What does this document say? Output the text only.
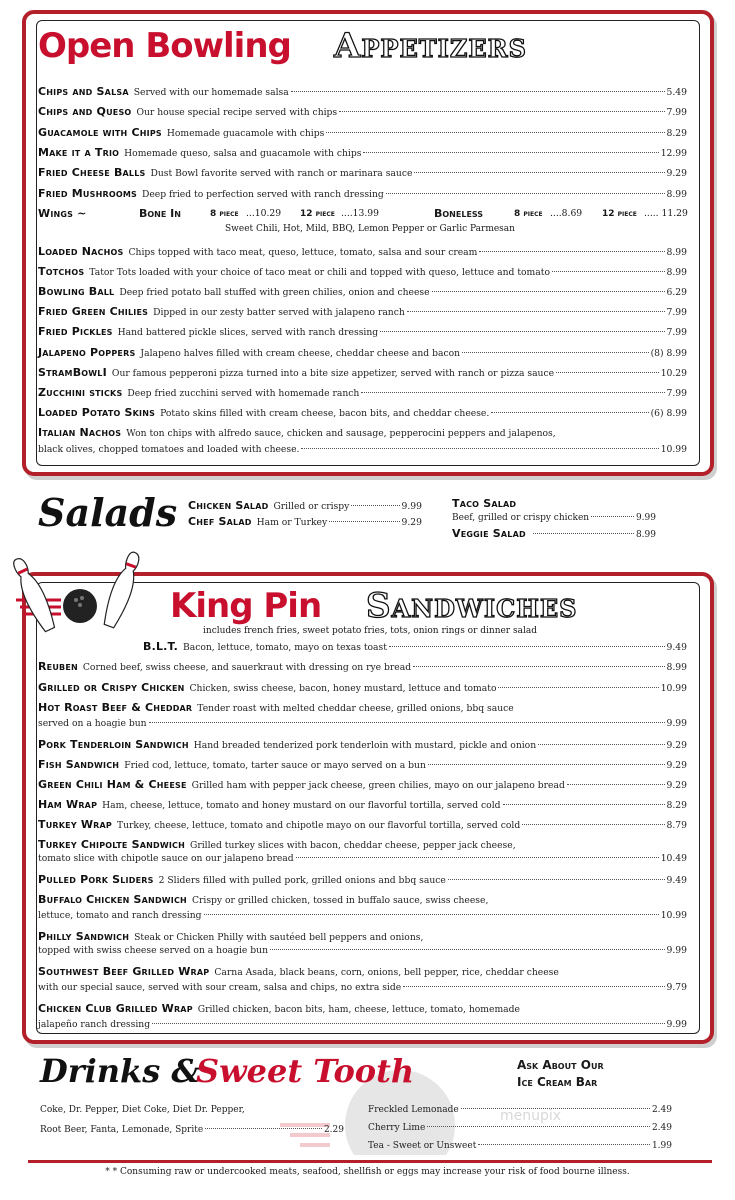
Open Bowling Appetizers
Chips and Salsa Served with our homemade salsa	5.49
Chips and Queso Our house special recipe served with chips	7.99
Guacamole with Chips Homemade guacamole with chips	8.29
Make it a Trio Homemade queso, salsa and guacamole with chips	12.99
Fried Cheese Balls Dust Bowl favorite served with ranch or marinara sauce	9.29
Fried Mushrooms Deep fried to perfection served with ranch dressing	8.99
Wings ~	Bone In	8 piece ...10.29 12 piece ....13.99	Boneless	8 piece ....8.69 12 piece ..... 11.29
Sweet Chili, Hot, Mild, BBQ, Lemon Pepper or Garlic Parmesan
Loaded Nachos Chips topped with taco meat, queso, lettuce, tomato, salsa and sour cream	8.99
Totchos Tator Tots loaded with your choice of taco meat or chili and topped with queso, lettuce and tomato	8.99
Bowling Ball Deep fried potato ball stuffed with green chilies, onion and cheese	6.29
Fried Green Chilies Dipped in our zesty batter served with jalapeno ranch	7.99
Fried Pickles Hand battered pickle slices, served with ranch dressing	7.99
Jalapeno Poppers Jalapeno halves filled with cream cheese, cheddar cheese and bacon	(8) 8.99
StramBowlI Our famous pepperoni pizza turned into a bite size appetizer, served with ranch or pizza sauce	10.29
Zucchini sticks Deep fried zucchini served with homemade ranch	7.99
Loaded Potato Skins Potato skins filled with cream cheese, bacon bits, and cheddar cheese.	(6) 8.99
Italian Nachos Won ton chips with alfredo sauce, chicken and sausage, pepperocini peppers and jalapenos,
black olives, chopped tomatoes and loaded with cheese.	10.99
Salads Chicken Salad Grilled or crispy	9.99
Chef Salad Ham or Turkey	9.29
Taco Salad
Beef, grilled or crispy chicken	9.99
Veggie Salad	8.99
King Pin Sandwiches
includes french fries, sweet potato fries, tots, onion rings or dinner salad
B.L.T. Bacon, lettuce, tomato, mayo on texas toast	9.49
Reuben Corned beef, swiss cheese, and sauerkraut with dressing on rye bread	8.99
Grilled or Crispy Chicken Chicken, swiss cheese, bacon, honey mustard, lettuce and tomato	10.99
Hot Roast Beef & Cheddar Tender roast with melted cheddar cheese, grilled onions, bbq sauce
served on a hoagie bun	9.99
Pork Tenderloin Sandwich Hand breaded tenderized pork tenderloin with mustard, pickle and onion	9.29
Fish Sandwich Fried cod, lettuce, tomato, tarter sauce or mayo served on a bun	9.29
Green Chili Ham & Cheese Grilled ham with pepper jack cheese, green chilies, mayo on our jalapeno bread	9.29
Ham Wrap Ham, cheese, lettuce, tomato and honey mustard on our flavorful tortilla, served cold	8.29
Turkey Wrap Turkey, cheese, lettuce, tomato and chipotle mayo on our flavorful tortilla, served cold	8.79
Turkey Chipolte Sandwich Grilled turkey slices with bacon, cheddar cheese, pepper jack cheese,
tomato slice with chipotle sauce on our jalapeno bread	10.49
Pulled Pork Sliders 2 Sliders filled with pulled pork, grilled onions and bbq sauce	9.49
Buffalo Chicken Sandwich Crispy or grilled chicken, tossed in buffalo sauce, swiss cheese,
lettuce, tomato and ranch dressing	10.99
Philly Sandwich Steak or Chicken Philly with sautéed bell peppers and onions,
topped with swiss cheese served on a hoagie bun	9.99
Southwest Beef Grilled Wrap Carna Asada, black beans, corn, onions, bell pepper, rice, cheddar cheese
with our special sauce, served with sour cream, salsa and chips, no extra side	9.79
Chicken Club Grilled Wrap Grilled chicken, bacon bits, ham, cheese, lettuce, tomato, homemade
jalapeño ranch dressing	9.99
Drinks &
Sweet Tooth	Ask About Our
Ice Cream Bar
Coke, Dr. Pepper, Diet Coke, Diet Dr. Pepper,
Root Beer, Fanta, Lemonade, Sprite	2.29
Freckled Lemonade	2.49
Cherry Lime	2.49
Tea - Sweet or Unsweet	1.99
menupix
* * Consuming raw or undercooked meats, seafood, shellfish or eggs may increase your risk of food bourne illness.
